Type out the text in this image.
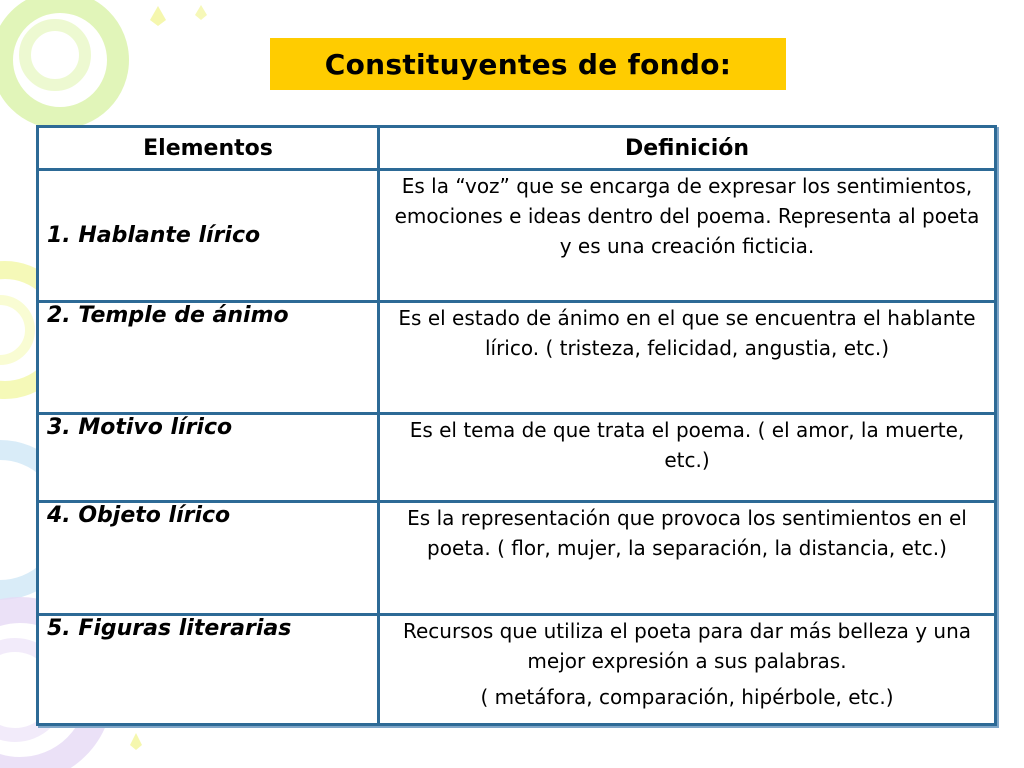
Constituyentes de fondo:
Elementos	Definición
1. Hablante lírico	Es la “voz” que se encarga de expresar los sentimientos, emociones e ideas dentro del poema. Representa al poeta y es una creación ficticia.
2. Temple de ánimo	Es el estado de ánimo en el que se encuentra el hablante lírico. ( tristeza, felicidad, angustia, etc.)
3. Motivo lírico	Es el tema de que trata el poema. ( el amor, la muerte, etc.)
4. Objeto lírico	Es la representación que provoca los sentimientos en el poeta. ( flor, mujer, la separación, la distancia, etc.)
5. Figuras literarias	Recursos que utiliza el poeta para dar más belleza y una mejor expresión a sus palabras.
( metáfora, comparación, hipérbole, etc.)
